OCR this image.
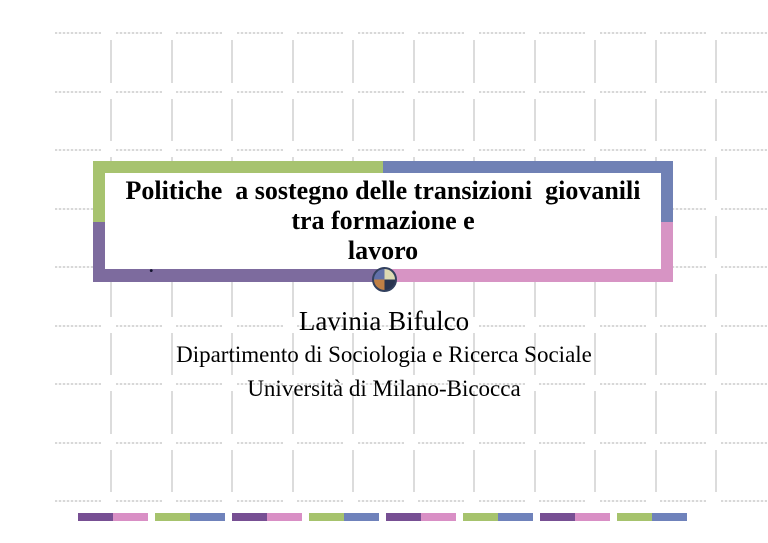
Politiche  a sostegno delle transizioni  giovanili
tra formazione e
lavoro
.
Lavinia Bifulco
Dipartimento di Sociologia e Ricerca Sociale
Università di Milano-Bicocca
